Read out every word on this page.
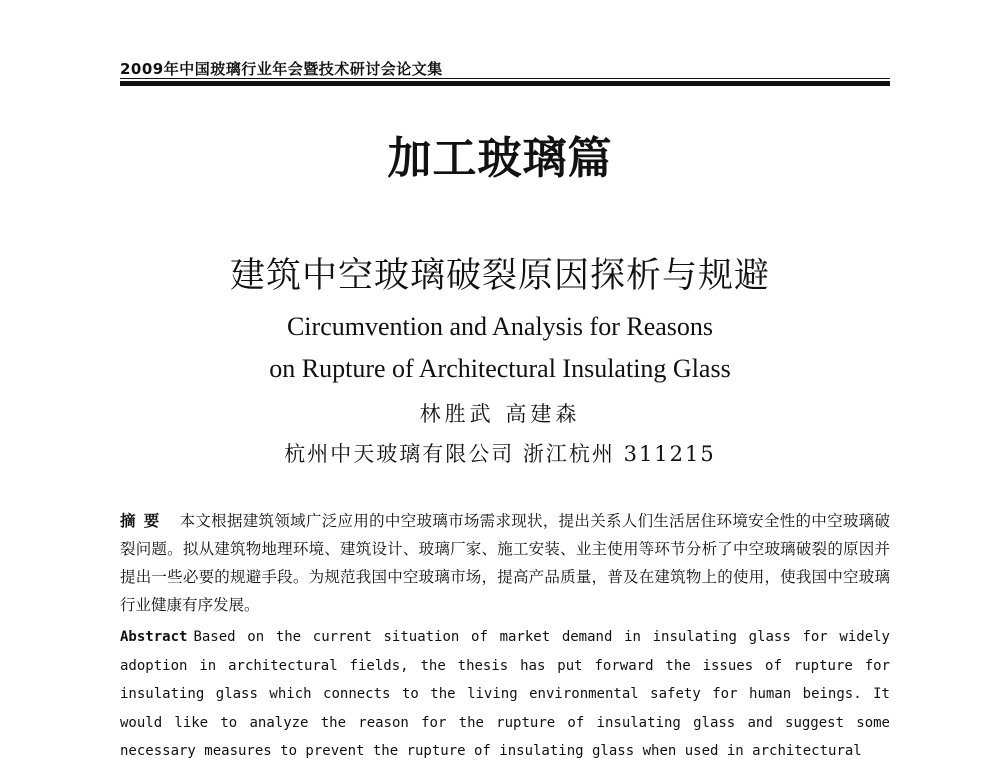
2009年中国玻璃行业年会暨技术研讨会论文集
加工玻璃篇
建筑中空玻璃破裂原因探析与规避
Circumvention and Analysis for Reasons
on Rupture of Architectural Insulating Glass
林胜武 高建森
杭州中天玻璃有限公司 浙江杭州 311215

摘要 本文根据建筑领域广泛应用的中空玻璃市场需求现状，提出关系人们生活居住环境安全性的中空玻璃破裂问题。拟从建筑物地理环境、建筑设计、玻璃厂家、施工安装、业主使用等环节分析了中空玻璃破裂的原因并提出一些必要的规避手段。为规范我国中空玻璃市场，提高产品质量，普及在建筑物上的使用，使我国中空玻璃行业健康有序发展。

Abstract Based on the current situation of market demand in insulating glass for widely adoption in architectural fields, the thesis has put forward the issues of rupture for insulating glass which connects to the living environmental safety for human beings. It would like to analyze the reason for the rupture of insulating glass and suggest some necessary measures to prevent the rupture of insulating glass when used in architectural
